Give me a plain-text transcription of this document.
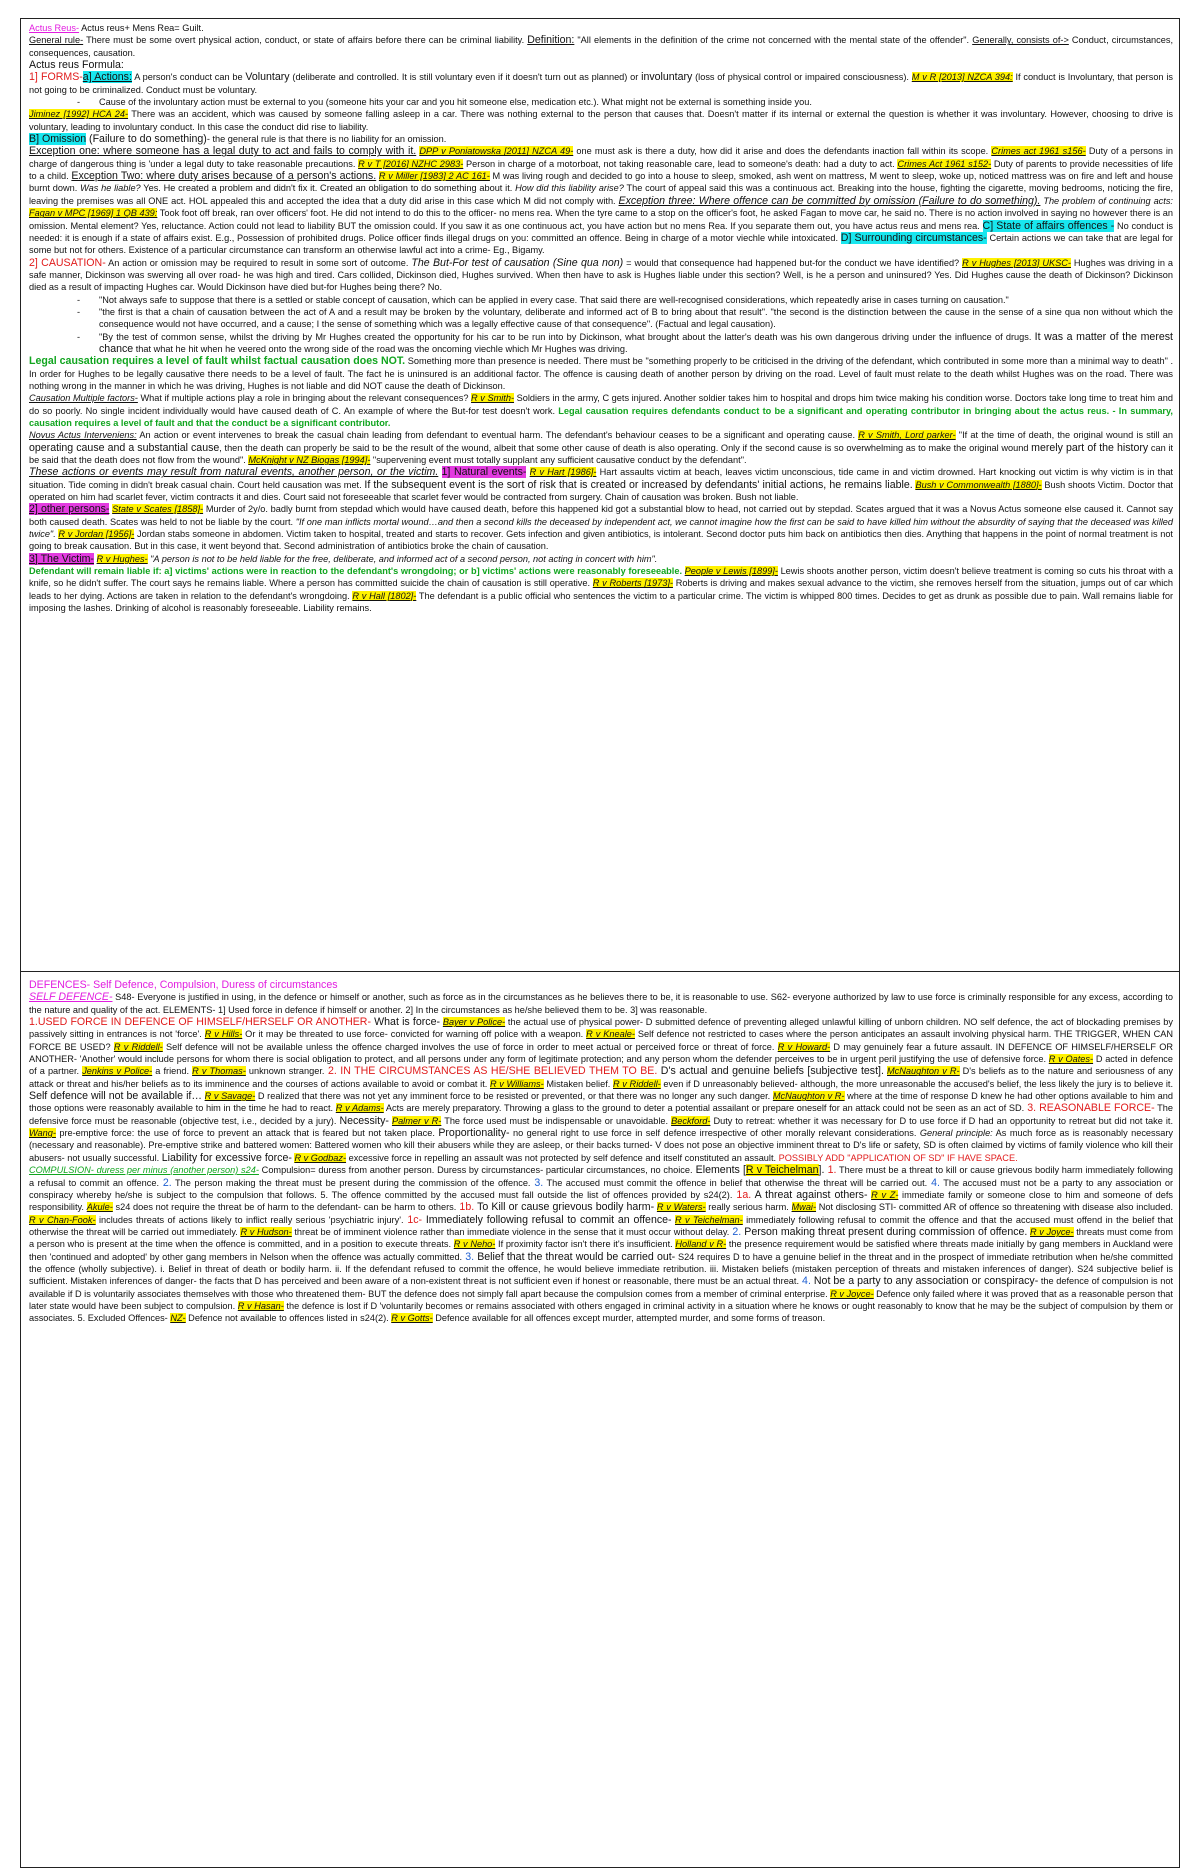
Actus Reus- Actus reus+ Mens Rea= Guilt.

General rule- There must be some overt physical action, conduct, or state of affairs before there can be criminal liability. Definition: "All elements in the definition of the crime not concerned with the mental state of the offender". Generally, consists of-> Conduct, circumstances, consequences, causation.

Actus reus Formula:

1] FORMS-a] Actions: A person's conduct can be Voluntary (deliberate and controlled. It is still voluntary even if it doesn't turn out as planned) or involuntary (loss of physical control or impaired consciousness). M v R [2013] NZCA 394: If conduct is Involuntary, that person is not going to be criminalized. Conduct must be voluntary.

- Cause of the involuntary action must be external to you (someone hits your car and you hit someone else, medication etc.). What might not be external is something inside you.

Jiminez [1992] HCA 24- There was an accident, which was caused by someone falling asleep in a car. There was nothing external to the person that causes that. Doesn't matter if its internal or external the question is whether it was involuntary. However, choosing to drive is voluntary, leading to involuntary conduct. In this case the conduct did rise to liability.

B] Omission (Failure to do something)- the general rule is that there is no liability for an omission.

Exception one: where someone has a legal duty to act and fails to comply with it. DPP v Poniatowska [2011] NZCA 49- one must ask is there a duty, how did it arise and does the defendants inaction fall within its scope. Crimes act 1961 s156- Duty of a persons in charge of dangerous thing is 'under a legal duty to take reasonable precautions. R v T [2016] NZHC 2983- Person in charge of a motorboat, not taking reasonable care, lead to someone's death: had a duty to act. Crimes Act 1961 s152- Duty of parents to provide necessities of life to a child. Exception Two: where duty arises because of a person's actions. R v Miller [1983] 2 AC 161- M was living rough and decided to go into a house to sleep, smoked, ash went on mattress, M went to sleep, woke up, noticed mattress was on fire and left and house burnt down. Was he liable? Yes. He created a problem and didn't fix it. Created an obligation to do something about it. How did this liability arise? The court of appeal said this was a continuous act. Breaking into the house, fighting the cigarette, moving bedrooms, noticing the fire, leaving the premises was all ONE act. HOL appealed this and accepted the idea that a duty did arise in this case which M did not comply with. Exception three: Where offence can be committed by omission (Failure to do something). The problem of continuing acts: Fagan v MPC [1969] 1 QB 439: Took foot off break, ran over officers' foot. He did not intend to do this to the officer- no mens rea. When the tyre came to a stop on the officer's foot, he asked Fagan to move car, he said no. There is no action involved in saying no however there is an omission. Mental element? Yes, reluctance. Action could not lead to liability BUT the omission could. If you saw it as one continuous act, you have action but no mens Rea. If you separate them out, you have actus reus and mens rea. C] State of affairs offences - No conduct is needed: it is enough if a state of affairs exist. E.g., Possession of prohibited drugs. Police officer finds illegal drugs on you: committed an offence. Being in charge of a motor viechle while intoxicated. D] Surrounding circumstances- Certain actions we can take that are legal for some but not for others. Existence of a particular circumstance can transform an otherwise lawful act into a crime- Eg., Bigamy.

2] CAUSATION- An action or omission may be required to result in some sort of outcome. The But-For test of causation (Sine qua non) = would that consequence had happened but-for the conduct we have identified? R v Hughes [2013] UKSC- Hughes was driving in a safe manner, Dickinson was swerving all over road- he was high and tired. Cars collided, Dickinson died, Hughes survived. When then have to ask is Hughes liable under this section? Well, is he a person and uninsured? Yes. Did Hughes cause the death of Dickinson? Dickinson died as a result of impacting Hughes car. Would Dickinson have died but-for Hughes being there? No.

- "Not always safe to suppose that there is a settled or stable concept of causation, which can be applied in every case. That said there are well-recognised considerations, which repeatedly arise in cases turning on causation."
- "the first is that a chain of causation between the act of A and a result may be broken by the voluntary, deliberate and informed act of B to bring about that result". "the second is the distinction between the cause in the sense of a sine qua non without which the consequence would not have occurred, and a cause; I the sense of something which was a legally effective cause of that consequence". (Factual and legal causation).
- "By the test of common sense, whilst the driving by Mr Hughes created the opportunity for his car to be run into by Dickinson, what brought about the latter's death was his own dangerous driving under the influence of drugs. It was a matter of the merest chance that what he hit when he veered onto the wrong side of the road was the oncoming viechle which Mr Hughes was driving.

Legal causation requires a level of fault whilst factual causation does NOT. Something more than presence is needed. There must be "something properly to be criticised in the driving of the defendant, which contributed in some more than a minimal way to death" . In order for Hughes to be legally causative there needs to be a level of fault. The fact he is uninsured is an additional factor. The offence is causing death of another person by driving on the road. Level of fault must relate to the death whilst Hughes was on the road. There was nothing wrong in the manner in which he was driving, Hughes is not liable and did NOT cause the death of Dickinson.

Causation Multiple factors- What if multiple actions play a role in bringing about the relevant consequences? R v Smith- Soldiers in the army, C gets injured. Another soldier takes him to hospital and drops him twice making his condition worse. Doctors take long time to treat him and do so poorly. No single incident individually would have caused death of C. An example of where the But-for test doesn't work. Legal causation requires defendants conduct to be a significant and operating contributor in bringing about the actus reus. - In summary, causation requires a level of fault and that the conduct be a significant contributor.

Novus Actus Interveniens: An action or event intervenes to break the casual chain leading from defendant to eventual harm. The defendant's behaviour ceases to be a significant and operating cause. R v Smith, Lord parker- "If at the time of death, the original wound is still an operating cause and a substantial cause, then the death can properly be said to be the result of the wound, albeit that some other cause of death is also operating. Only if the second cause is so overwhelming as to make the original wound merely part of the history can it be said that the death does not flow from the wound". McKnight v NZ Biogas [1994]- "supervening event must totally supplant any sufficient causative conduct by the defendant".

These actions or events may result from natural events, another person, or the victim. 1] Natural events- R v Hart [1986]- Hart assaults victim at beach, leaves victim unconscious, tide came in and victim drowned. Hart knocking out victim is why victim is in that situation. Tide coming in didn't break casual chain. Court held causation was met. If the subsequent event is the sort of risk that is created or increased by defendants' initial actions, he remains liable. Bush v Commonwealth [1880]- Bush shoots Victim. Doctor that operated on him had scarlet fever, victim contracts it and dies. Court said not foreseeable that scarlet fever would be contracted from surgery. Chain of causation was broken. Bush not liable.

2] other persons- State v Scates [1858]- Murder of 2y/o. badly burnt from stepdad which would have caused death, before this happened kid got a substantial blow to head, not carried out by stepdad. Scates argued that it was a Novus Actus someone else caused it. Cannot say both caused death. Scates was held to not be liable by the court. "If one man inflicts mortal wound…and then a second kills the deceased by independent act, we cannot imagine how the first can be said to have killed him without the absurdity of saying that the deceased was killed twice". R v Jordan [1956]- Jordan stabs someone in abdomen. Victim taken to hospital, treated and starts to recover. Gets infection and given antibiotics, is intolerant. Second doctor puts him back on antibiotics then dies. Anything that happens in the point of normal treatment is not going to break causation. But in this case, it went beyond that. Second administration of antibiotics broke the chain of causation.

3] The Victim- R v Hughes- "A person is not to be held liable for the free, deliberate, and informed act of a second person, not acting in concert with him".

Defendant will remain liable if: a] victims' actions were in reaction to the defendant's wrongdoing; or b] victims' actions were reasonably foreseeable. People v Lewis [1899]- Lewis shoots another person, victim doesn't believe treatment is coming so cuts his throat with a knife, so he didn't suffer. The court says he remains liable. Where a person has committed suicide the chain of causation is still operative. R v Roberts [1973]- Roberts is driving and makes sexual advance to the victim, she removes herself from the situation, jumps out of car which leads to her dying. Actions are taken in relation to the defendant's wrongdoing. R v Hall [1802]- The defendant is a public official who sentences the victim to a particular crime. The victim is whipped 800 times. Decides to get as drunk as possible due to pain. Wall remains liable for imposing the lashes. Drinking of alcohol is reasonably foreseeable. Liability remains.

DEFENCES- Self Defence, Compulsion, Duress of circumstances

SELF DEFENCE- S48- Everyone is justified in using, in the defence or himself or another, such as force as in the circumstances as he believes there to be, it is reasonable to use. S62- everyone authorized by law to use force is criminally responsible for any excess, according to the nature and quality of the act. ELEMENTS- 1] Used force in defence if himself or another. 2] In the circumstances as he/she believed them to be. 3] was reasonable.

1.USED FORCE IN DEFENCE OF HIMSELF/HERSELF OR ANOTHER- What is force- Bayer v Police- the actual use of physical power- D submitted defence of preventing alleged unlawful killing of unborn children. NO self defence, the act of blockading premises by passively sitting in entrances is not 'force'. R v Hills- Or it may be threated to use force- convicted for warning off police with a weapon. R v Kneale- Self defence not restricted to cases where the person anticipates an assault involving physical harm. THE TRIGGER, WHEN CAN FORCE BE USED? R v Riddell- Self defence will not be available unless the offence charged involves the use of force in order to meet actual or perceived force or threat of force. R v Howard- D may genuinely fear a future assault. IN DEFENCE OF HIMSELF/HERSELF OR ANOTHER- 'Another' would include persons for whom there is social obligation to protect, and all persons under any form of legitimate protection; and any person whom the defender perceives to be in urgent peril justifying the use of defensive force. R v Oates- D acted in defence of a partner. Jenkins v Police- a friend. R v Thomas- unknown stranger. 2. IN THE CIRCUMSTANCES AS HE/SHE BELIEVED THEM TO BE. D's actual and genuine beliefs [subjective test]. McNaughton v R- D's beliefs as to the nature and seriousness of any attack or threat and his/her beliefs as to its imminence and the courses of actions available to avoid or combat it. R v Williams- Mistaken belief. R v Riddell- even if D unreasonably believed- although, the more unreasonable the accused's belief, the less likely the jury is to believe it. Self defence will not be available if… R v Savage- D realized that there was not yet any imminent force to be resisted or prevented, or that there was no longer any such danger. McNaughton v R- where at the time of response D knew he had other options available to him and those options were reasonably available to him in the time he had to react. R v Adams- Acts are merely preparatory. Throwing a glass to the ground to deter a potential assailant or prepare oneself for an attack could not be seen as an act of SD. 3. REASONABLE FORCE- The defensive force must be reasonable (objective test, i.e., decided by a jury). Necessity- Palmer v R- The force used must be indispensable or unavoidable. Beckford- Duty to retreat: whether it was necessary for D to use force if D had an opportunity to retreat but did not take it. Wang- pre-emptive force: the use of force to prevent an attack that is feared but not taken place. Proportionality- no general right to use force in self defence irrespective of other morally relevant considerations. General principle: As much force as is reasonably necessary (necessary and reasonable). Pre-emptive strike and battered women: Battered women who kill their abusers while they are asleep, or their backs turned- V does not pose an objective imminent threat to D's life or safety, SD is often claimed by victims of family violence who kill their abusers- not usually successful. Liability for excessive force- R v Godbaz- excessive force in repelling an assault was not protected by self defence and itself constituted an assault. POSSIBLY ADD "APPLICATION OF SD" IF HAVE SPACE.

COMPULSION- duress per minus (another person) s24- Compulsion= duress from another person. Duress by circumstances- particular circumstances, no choice. Elements [R v Teichelman]. 1. There must be a threat to kill or cause grievous bodily harm immediately following a refusal to commit an offence. 2. The person making the threat must be present during the commission of the offence. 3. The accused must commit the offence in belief that otherwise the threat will be carried out. 4. The accused must not be a party to any association or conspiracy whereby he/she is subject to the compulsion that follows. 5. The offence committed by the accused must fall outside the list of offences provided by s24(2). 1a. A threat against others- R v Z- immediate family or someone close to him and someone of defs responsibility. Akule- s24 does not require the threat be of harm to the defendant- can be harm to others. 1b. To Kill or cause grievous bodily harm- R v Waters- really serious harm. Mwai- Not disclosing STI- committed AR of offence so threatening with disease also included. R v Chan-Fook- includes threats of actions likely to inflict really serious 'psychiatric injury'. 1c- Immediately following refusal to commit an offence- R v Teichelman- immediately following refusal to commit the offence and that the accused must offend in the belief that otherwise the threat will be carried out immediately. R v Hudson- threat be of imminent violence rather than immediate violence in the sense that it must occur without delay. 2. Person making threat present during commission of offence. R v Joyce- threats must come from a person who is present at the time when the offence is committed, and in a position to execute threats. R v Neho- If proximity factor isn't there it's insufficient. Holland v R- the presence requirement would be satisfied where threats made initially by gang members in Auckland were then 'continued and adopted' by other gang members in Nelson when the offence was actually committed. 3. Belief that the threat would be carried out- S24 requires D to have a genuine belief in the threat and in the prospect of immediate retribution when he/she committed the offence (wholly subjective). i. Belief in threat of death or bodily harm. ii. If the defendant refused to commit the offence, he would believe immediate retribution. iii. Mistaken beliefs (mistaken perception of threats and mistaken inferences of danger). S24 subjective belief is sufficient. Mistaken inferences of danger- the facts that D has perceived and been aware of a non-existent threat is not sufficient even if honest or reasonable, there must be an actual threat. 4. Not be a party to any association or conspiracy- the defence of compulsion is not available if D is voluntarily associates themselves with those who threatened them- BUT the defence does not simply fall apart because the compulsion comes from a member of criminal enterprise. R v Joyce- Defence only failed where it was proved that as a reasonable person that later state would have been subject to compulsion. R v Hasan- the defence is lost if D 'voluntarily becomes or remains associated with others engaged in criminal activity in a situation where he knows or ought reasonably to know that he may be the subject of compulsion by them or associates. 5. Excluded Offences- NZ- Defence not available to offences listed in s24(2). R v Gotts- Defence available for all offences except murder, attempted murder, and some forms of treason.
